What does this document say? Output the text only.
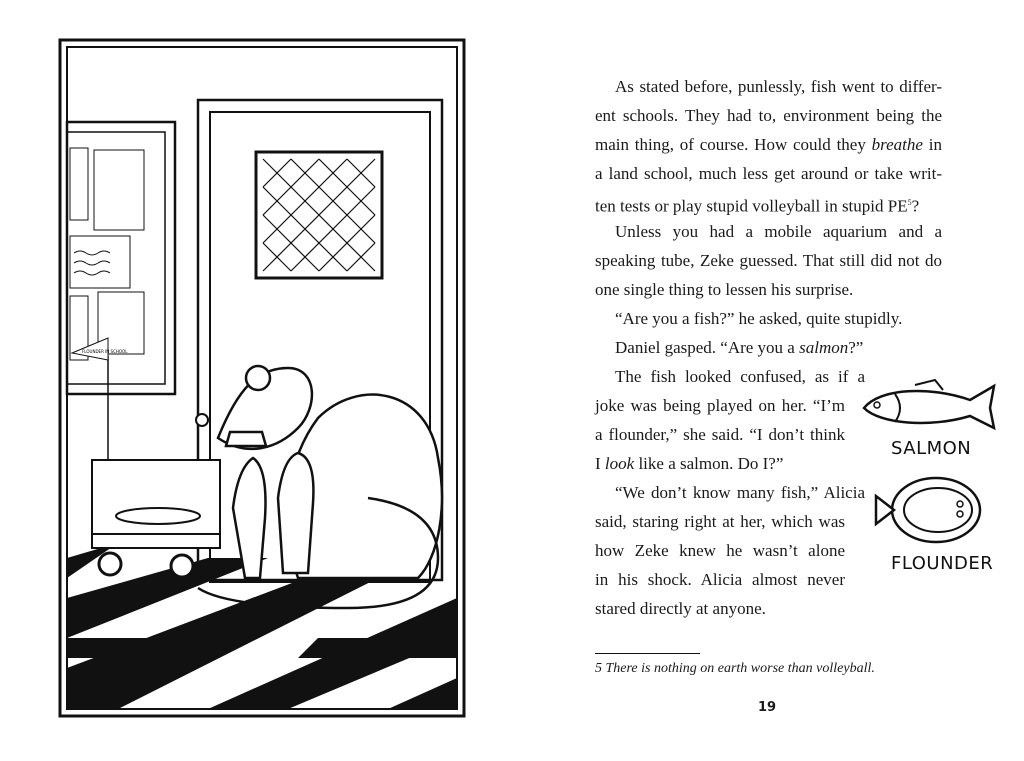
FLOUNDER IN SCHOOL
As stated before, punlessly, fish went to differ-
ent schools. They had to, environment being the
main thing, of course. How could they breathe in
a land school, much less get around or take writ-
ten tests or play stupid volleyball in stupid $PE^5$?
Unless you had a mobile aquarium and a
speaking tube, Zeke guessed. That still did not do
one single thing to lessen his surprise.
“Are you a fish?” he asked, quite stupidly.
Daniel gasped. “Are you a salmon?”
The fish looked confused, as if a
joke was being played on her. “I’m
a flounder,” she said. “I don’t think
I look like a salmon. Do I?”
“We don’t know many fish,” Alicia
said, staring right at her, which was
how Zeke knew he wasn’t alone
in his shock. Alicia almost never
stared directly at anyone.
SALMON
FLOUNDER
5 There is nothing on earth worse than volleyball.
19
